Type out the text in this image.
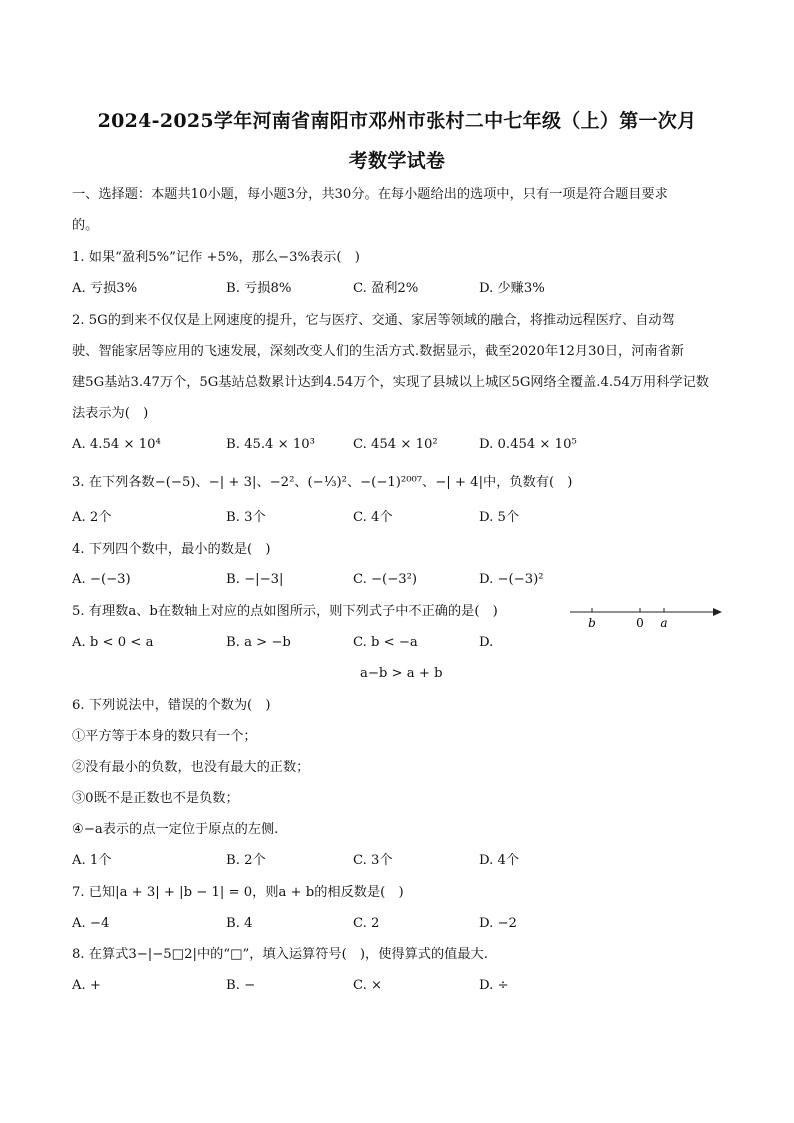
2024-2025学年河南省南阳市邓州市张村二中七年级（上）第一次月
考数学试卷
一、选择题：本题共10小题，每小题3分，共30分。在每小题给出的选项中，只有一项是符合题目要求
的。
1. 如果“盈利5%”记作 +5%，那么−3%表示(　)
A. 亏损3%	B. 亏损8%	C. 盈利2%	D. 少赚3%
2. 5G的到来不仅仅是上网速度的提升，它与医疗、交通、家居等领域的融合，将推动远程医疗、自动驾
驶、智能家居等应用的飞速发展，深刻改变人们的生活方式.数据显示，截至2020年12月30日，河南省新
建5G基站3.47万个，5G基站总数累计达到4.54万个，实现了县城以上城区5G网络全覆盖.4.54万用科学记数
法表示为(　)
A. 4.54 × 10⁴	B. 45.4 × 10³	C. 454 × 10²	D. 0.454 × 10⁵
3. 在下列各数−(−5)、−| + 3|、−2²、(−⅓)²、−(−1)²⁰⁰⁷、−| + 4|中，负数有(　)
A. 2个	B. 3个	C. 4个	D. 5个
4. 下列四个数中，最小的数是(　)
A. −(−3)	B. −|−3|	C. −(−3²)	D. −(−3)²
5. 有理数a、b在数轴上对应的点如图所示，则下列式子中不正确的是(　)
b	0 a
A. b < 0 < a	B. a > −b	C. b < −a	D.
a−b > a + b
6. 下列说法中，错误的个数为(　)
①平方等于本身的数只有一个；
②没有最小的负数，也没有最大的正数；
③0既不是正数也不是负数；
④−a表示的点一定位于原点的左侧.
A. 1个	B. 2个	C. 3个	D. 4个
7. 已知|a + 3| + |b − 1| = 0，则a + b的相反数是(　)
A. −4	B. 4	C. 2	D. −2
8. 在算式3−|−5□2|中的“□”，填入运算符号(　)，使得算式的值最大.
A. +	B. −	C. ×	D. ÷
